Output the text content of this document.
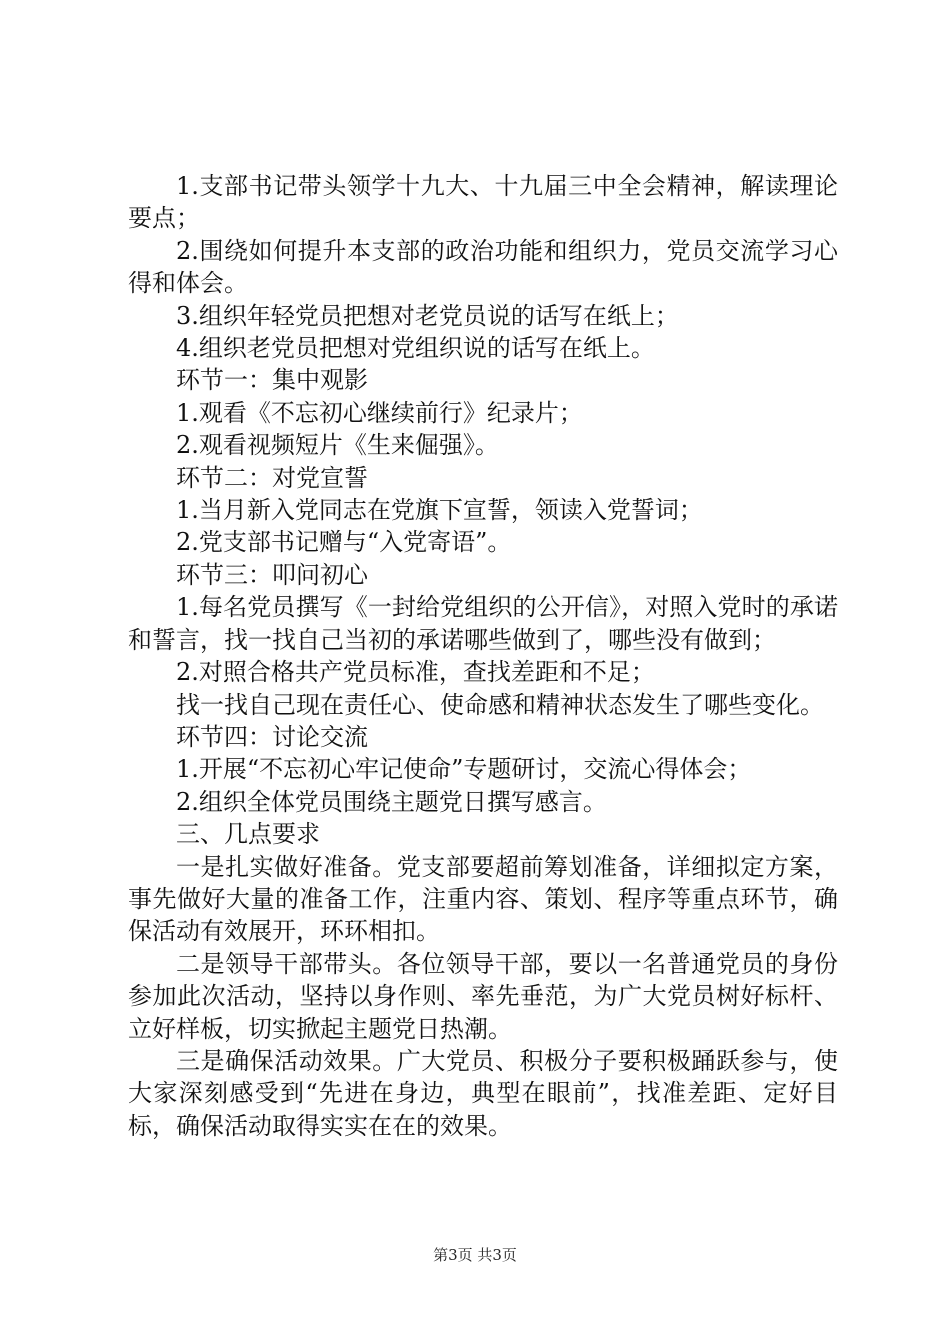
1.支部书记带头领学十九大、十九届三中全会精神，解读理论要点；

2.围绕如何提升本支部的政治功能和组织力，党员交流学习心得和体会。

3.组织年轻党员把想对老党员说的话写在纸上；

4.组织老党员把想对党组织说的话写在纸上。

环节一：集中观影

1.观看《不忘初心继续前行》纪录片；

2.观看视频短片《生来倔强》。

环节二：对党宣誓

1.当月新入党同志在党旗下宣誓，领读入党誓词；

2.党支部书记赠与“入党寄语”。

环节三：叩问初心

1.每名党员撰写《一封给党组织的公开信》，对照入党时的承诺和誓言，找一找自己当初的承诺哪些做到了，哪些没有做到；

2.对照合格共产党员标准，查找差距和不足；

找一找自己现在责任心、使命感和精神状态发生了哪些变化。

环节四：讨论交流

1.开展“不忘初心牢记使命”专题研讨，交流心得体会；

2.组织全体党员围绕主题党日撰写感言。

三、几点要求

一是扎实做好准备。党支部要超前筹划准备，详细拟定方案，事先做好大量的准备工作，注重内容、策划、程序等重点环节，确保活动有效展开，环环相扣。

二是领导干部带头。各位领导干部，要以一名普通党员的身份参加此次活动，坚持以身作则、率先垂范，为广大党员树好标杆、立好样板，切实掀起主题党日热潮。

三是确保活动效果。广大党员、积极分子要积极踊跃参与，使大家深刻感受到“先进在身边，典型在眼前”，找准差距、定好目标，确保活动取得实实在在的效果。

第3页 共3页
